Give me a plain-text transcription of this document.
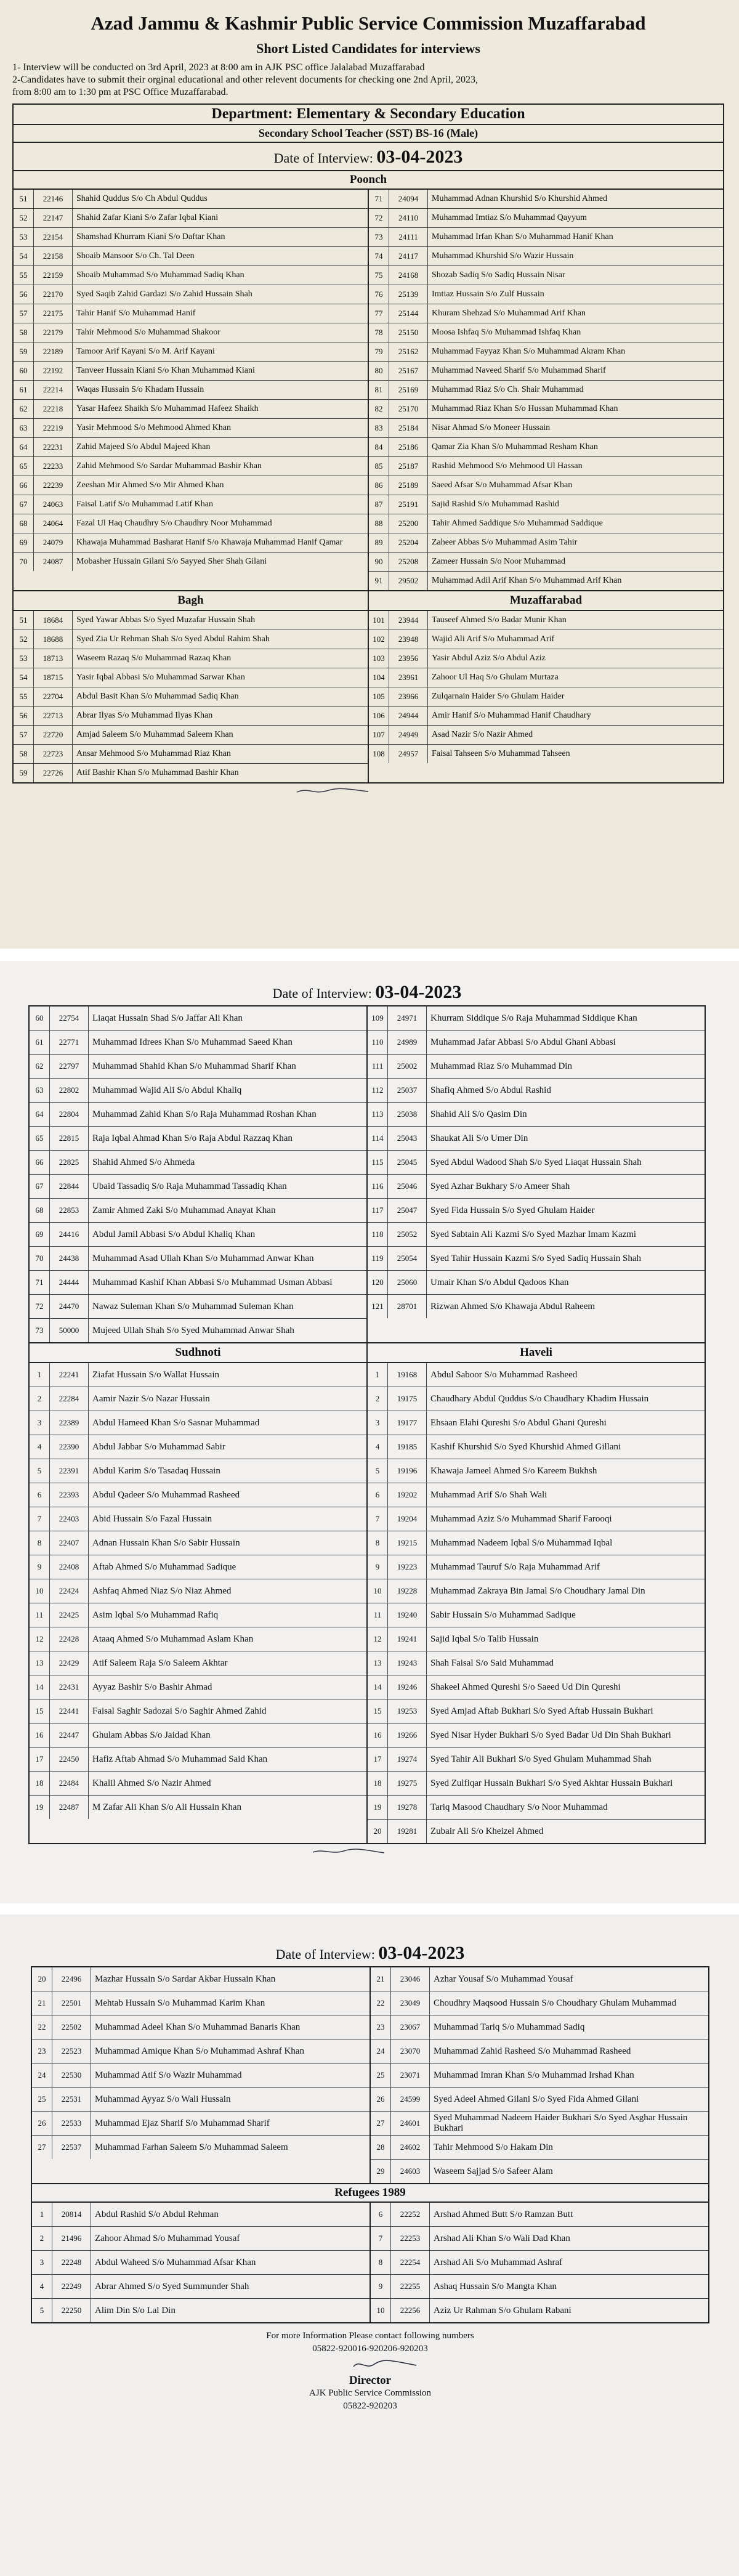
Azad Jammu & Kashmir Public Service Commission Muzaffarabad
Short Listed Candidates for interviews

1- Interview will be conducted on 3rd April, 2023 at 8:00 am in AJK PSC office Jalalabad Muzaffarabad

2-Candidates have to submit their orginal educational and other relevent documents for checking one 2nd April, 2023,

from 8:00 am to 1:30 pm at PSC Office Muzaffarabad.

Department: Elementary & Secondary Education
Secondary School Teacher (SST) BS-16 (Male)
Date of Interview: 03-04-2023
Poonch
51	22146	Shahid Quddus S/o Ch Abdul Quddus
52	22147	Shahid Zafar Kiani S/o Zafar Iqbal Kiani
53	22154	Shamshad Khurram Kiani S/o Daftar Khan
54	22158	Shoaib Mansoor S/o Ch. Tal Deen
55	22159	Shoaib Muhammad S/o Muhammad Sadiq Khan
56	22170	Syed Saqib Zahid Gardazi S/o Zahid Hussain Shah
57	22175	Tahir Hanif S/o Muhammad Hanif
58	22179	Tahir Mehmood S/o Muhammad Shakoor
59	22189	Tamoor Arif Kayani S/o M. Arif Kayani
60	22192	Tanveer Hussain Kiani S/o Khan Muhammad Kiani
61	22214	Waqas Hussain S/o Khadam Hussain
62	22218	Yasar Hafeez Shaikh S/o Muhammad Hafeez Shaikh
63	22219	Yasir Mehmood S/o Mehmood Ahmed Khan
64	22231	Zahid Majeed S/o Abdul Majeed Khan
65	22233	Zahid Mehmood S/o Sardar Muhammad Bashir Khan
66	22239	Zeeshan Mir Ahmed S/o Mir Ahmed Khan
67	24063	Faisal Latif S/o Muhammad Latif Khan
68	24064	Fazal Ul Haq Chaudhry S/o Chaudhry Noor Muhammad
69	24079	Khawaja Muhammad Basharat Hanif S/o Khawaja Muhammad Hanif Qamar
70	24087	Mobasher Hussain Gilani S/o Sayyed Sher Shah Gilani
71	24094	Muhammad Adnan Khurshid S/o Khurshid Ahmed
72	24110	Muhammad Imtiaz S/o Muhammad Qayyum
73	24111	Muhammad Irfan Khan S/o Muhammad Hanif Khan
74	24117	Muhammad Khurshid S/o Wazir Hussain
75	24168	Shozab Sadiq S/o Sadiq Hussain Nisar
76	25139	Imtiaz Hussain S/o Zulf Hussain
77	25144	Khuram Shehzad S/o Muhammad Arif Khan
78	25150	Moosa Ishfaq S/o Muhammad Ishfaq Khan
79	25162	Muhammad Fayyaz Khan S/o Muhammad Akram Khan
80	25167	Muhammad Naveed Sharif S/o Muhammad Sharif
81	25169	Muhammad Riaz S/o Ch. Shair Muhammad
82	25170	Muhammad Riaz Khan S/o Hussan Muhammad Khan
83	25184	Nisar Ahmad S/o Moneer Hussain
84	25186	Qamar Zia Khan S/o Muhammad Resham Khan
85	25187	Rashid Mehmood S/o Mehmood Ul Hassan
86	25189	Saeed Afsar S/o Muhammad Afsar Khan
87	25191	Sajid Rashid S/o Muhammad Rashid
88	25200	Tahir Ahmed Saddique S/o Muhammad Saddique
89	25204	Zaheer Abbas S/o Muhammad Asim Tahir
90	25208	Zameer Hussain S/o Noor Muhammad
91	29502	Muhammad Adil Arif Khan S/o Muhammad Arif Khan
Bagh	Muzaffarabad
51	18684	Syed Yawar Abbas S/o Syed Muzafar Hussain Shah
52	18688	Syed Zia Ur Rehman Shah S/o Syed Abdul Rahim Shah
53	18713	Waseem Razaq S/o Muhammad Razaq Khan
54	18715	Yasir Iqbal Abbasi S/o Muhammad Sarwar Khan
55	22704	Abdul Basit Khan S/o Muhammad Sadiq Khan
56	22713	Abrar Ilyas S/o Muhammad Ilyas Khan
57	22720	Amjad Saleem S/o Muhammad Saleem Khan
58	22723	Ansar Mehmood S/o Muhammad Riaz Khan
59	22726	Atif Bashir Khan S/o Muhammad Bashir Khan
101	23944	Tauseef Ahmed S/o Badar Munir Khan
102	23948	Wajid Ali Arif S/o Muhammad Arif
103	23956	Yasir Abdul Aziz S/o Abdul Aziz
104	23961	Zahoor Ul Haq S/o Ghulam Murtaza
105	23966	Zulqarnain Haider S/o Ghulam Haider
106	24944	Amir Hanif S/o Muhammad Hanif Chaudhary
107	24949	Asad Nazir S/o Nazir Ahmed
108	24957	Faisal Tahseen S/o Muhammad Tahseen
Date of Interview: 03-04-2023
60	22754	Liaqat Hussain Shad S/o Jaffar Ali Khan
61	22771	Muhammad Idrees Khan S/o Muhammad Saeed Khan
62	22797	Muhammad Shahid Khan S/o Muhammad Sharif Khan
63	22802	Muhammad Wajid Ali S/o Abdul Khaliq
64	22804	Muhammad Zahid Khan S/o Raja Muhammad Roshan Khan
65	22815	Raja Iqbal Ahmad Khan S/o Raja Abdul Razzaq Khan
66	22825	Shahid Ahmed S/o Ahmeda
67	22844	Ubaid Tassadiq S/o Raja Muhammad Tassadiq Khan
68	22853	Zamir Ahmed Zaki S/o Muhammad Anayat Khan
69	24416	Abdul Jamil Abbasi S/o Abdul Khaliq Khan
70	24438	Muhammad Asad Ullah Khan S/o Muhammad Anwar Khan
71	24444	Muhammad Kashif Khan Abbasi S/o Muhammad Usman Abbasi
72	24470	Nawaz Suleman Khan S/o Muhammad Suleman Khan
73	50000	Mujeed Ullah Shah S/o Syed Muhammad Anwar Shah
109	24971	Khurram Siddique S/o Raja Muhammad Siddique Khan
110	24989	Muhammad Jafar Abbasi S/o Abdul Ghani Abbasi
111	25002	Muhammad Riaz S/o Muhammad Din
112	25037	Shafiq Ahmed S/o Abdul Rashid
113	25038	Shahid Ali S/o Qasim Din
114	25043	Shaukat Ali S/o Umer Din
115	25045	Syed Abdul Wadood Shah S/o Syed Liaqat Hussain Shah
116	25046	Syed Azhar Bukhary S/o Ameer Shah
117	25047	Syed Fida Hussain S/o Syed Ghulam Haider
118	25052	Syed Sabtain Ali Kazmi S/o Syed Mazhar Imam Kazmi
119	25054	Syed Tahir Hussain Kazmi S/o Syed Sadiq Hussain Shah
120	25060	Umair Khan S/o Abdul Qadoos Khan
121	28701	Rizwan Ahmed S/o Khawaja Abdul Raheem
Sudhnoti	Haveli
1	22241	Ziafat Hussain S/o Wallat Hussain
2	22284	Aamir Nazir S/o Nazar Hussain
3	22389	Abdul Hameed Khan S/o Sasnar Muhammad
4	22390	Abdul Jabbar S/o Muhammad Sabir
5	22391	Abdul Karim S/o Tasadaq Hussain
6	22393	Abdul Qadeer S/o Muhammad Rasheed
7	22403	Abid Hussain S/o Fazal Hussain
8	22407	Adnan Hussain Khan S/o Sabir Hussain
9	22408	Aftab Ahmed S/o Muhammad Sadique
10	22424	Ashfaq Ahmed Niaz S/o Niaz Ahmed
11	22425	Asim Iqbal S/o Muhammad Rafiq
12	22428	Ataaq Ahmed S/o Muhammad Aslam Khan
13	22429	Atif Saleem Raja S/o Saleem Akhtar
14	22431	Ayyaz Bashir S/o Bashir Ahmad
15	22441	Faisal Saghir Sadozai S/o Saghir Ahmed Zahid
16	22447	Ghulam Abbas S/o Jaidad Khan
17	22450	Hafiz Aftab Ahmad S/o Muhammad Said Khan
18	22484	Khalil Ahmed S/o Nazir Ahmed
19	22487	M Zafar Ali Khan S/o Ali Hussain Khan
1	19168	Abdul Saboor S/o Muhammad Rasheed
2	19175	Chaudhary Abdul Quddus S/o Chaudhary Khadim Hussain
3	19177	Ehsaan Elahi Qureshi S/o Abdul Ghani Qureshi
4	19185	Kashif Khurshid S/o Syed Khurshid Ahmed Gillani
5	19196	Khawaja Jameel Ahmed S/o Kareem Bukhsh
6	19202	Muhammad Arif S/o Shah Wali
7	19204	Muhammad Aziz S/o Muhammad Sharif Farooqi
8	19215	Muhammad Nadeem Iqbal S/o Muhammad Iqbal
9	19223	Muhammad Tauruf S/o Raja Muhammad Arif
10	19228	Muhammad Zakraya Bin Jamal S/o Choudhary Jamal Din
11	19240	Sabir Hussain S/o Muhammad Sadique
12	19241	Sajid Iqbal S/o Talib Hussain
13	19243	Shah Faisal S/o Said Muhammad
14	19246	Shakeel Ahmed Qureshi S/o Saeed Ud Din Qureshi
15	19253	Syed Amjad Aftab Bukhari S/o Syed Aftab Hussain Bukhari
16	19266	Syed Nisar Hyder Bukhari S/o Syed Badar Ud Din Shah Bukhari
17	19274	Syed Tahir Ali Bukhari S/o Syed Ghulam Muhammad Shah
18	19275	Syed Zulfiqar Hussain Bukhari S/o Syed Akhtar Hussain Bukhari
19	19278	Tariq Masood Chaudhary S/o Noor Muhammad
20	19281	Zubair Ali S/o Kheizel Ahmed
Date of Interview: 03-04-2023
20	22496	Mazhar Hussain S/o Sardar Akbar Hussain Khan
21	22501	Mehtab Hussain S/o Muhammad Karim Khan
22	22502	Muhammad Adeel Khan S/o Muhammad Banaris Khan
23	22523	Muhammad Amique Khan S/o Muhammad Ashraf Khan
24	22530	Muhammad Atif S/o Wazir Muhammad
25	22531	Muhammad Ayyaz S/o Wali Hussain
26	22533	Muhammad Ejaz Sharif S/o Muhammad Sharif
27	22537	Muhammad Farhan Saleem S/o Muhammad Saleem
21	23046	Azhar Yousaf S/o Muhammad Yousaf
22	23049	Choudhry Maqsood Hussain S/o Choudhary Ghulam Muhammad
23	23067	Muhammad Tariq S/o Muhammad Sadiq
24	23070	Muhammad Zahid Rasheed S/o Muhammad Rasheed
25	23071	Muhammad Imran Khan S/o Muhammad Irshad Khan
26	24599	Syed Adeel Ahmed Gilani S/o Syed Fida Ahmed Gilani
27	24601
Syed Muhammad Nadeem Haider Bukhari S/o Syed Asghar Hussain Bukhari
28	24602	Tahir Mehmood S/o Hakam Din
29	24603	Waseem Sajjad S/o Safeer Alam
Refugees 1989
1	20814	Abdul Rashid S/o Abdul Rehman
2	21496	Zahoor Ahmad S/o Muhammad Yousaf
3	22248	Abdul Waheed S/o Muhammad Afsar Khan
4	22249	Abrar Ahmed S/o Syed Summunder Shah
5	22250	Alim Din S/o Lal Din
6	22252	Arshad Ahmed Butt S/o Ramzan Butt
7	22253	Arshad Ali Khan S/o Wali Dad Khan
8	22254	Arshad Ali S/o Muhammad Ashraf
9	22255	Ashaq Hussain S/o Mangta Khan
10	22256	Aziz Ur Rahman S/o Ghulam Rabani
For more Information Please contact following numbers
05822-920016-920206-920203
Director
AJK Public Service Commission
05822-920203
